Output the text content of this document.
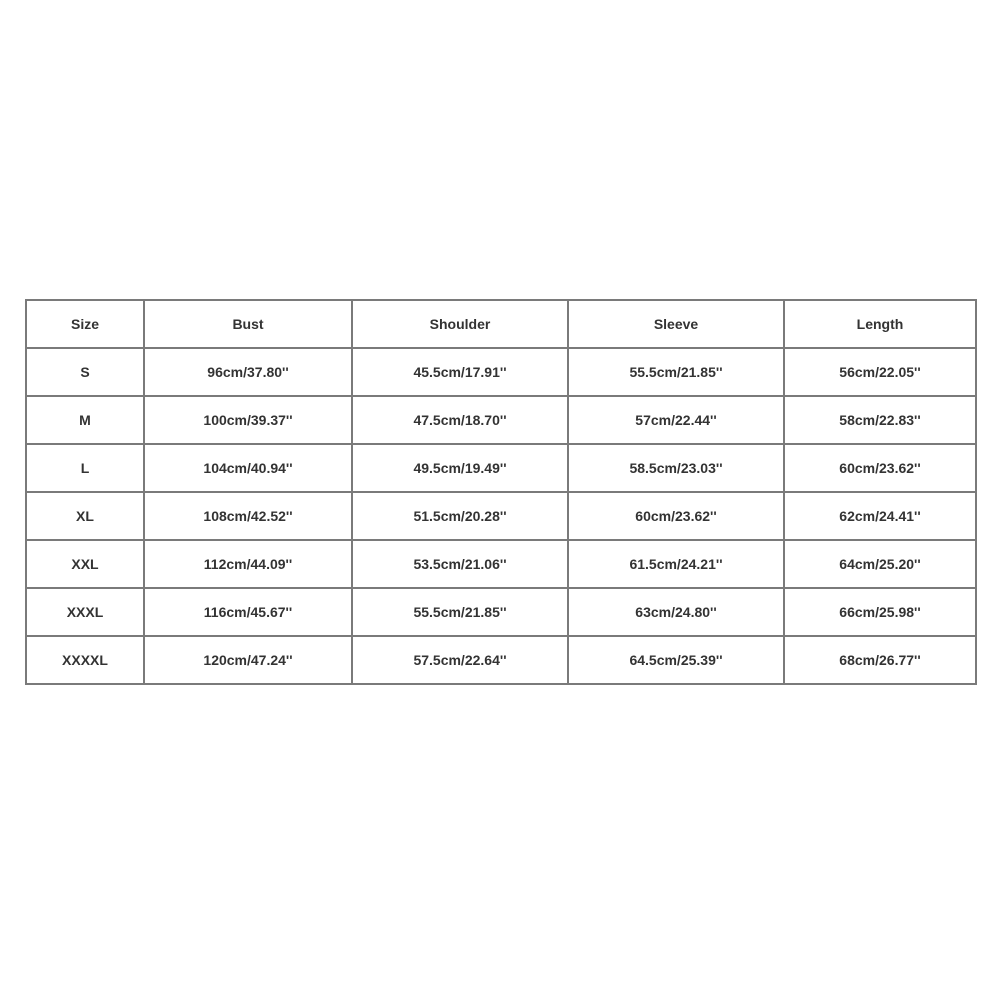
Size	Bust	Shoulder	Sleeve	Length
S	96cm/37.80''	45.5cm/17.91''	55.5cm/21.85''	56cm/22.05''
M	100cm/39.37''	47.5cm/18.70''	57cm/22.44''	58cm/22.83''
L	104cm/40.94''	49.5cm/19.49''	58.5cm/23.03''	60cm/23.62''
XL	108cm/42.52''	51.5cm/20.28''	60cm/23.62''	62cm/24.41''
XXL	112cm/44.09''	53.5cm/21.06''	61.5cm/24.21''	64cm/25.20''
XXXL	116cm/45.67''	55.5cm/21.85''	63cm/24.80''	66cm/25.98''
XXXXL	120cm/47.24''	57.5cm/22.64''	64.5cm/25.39''	68cm/26.77''
